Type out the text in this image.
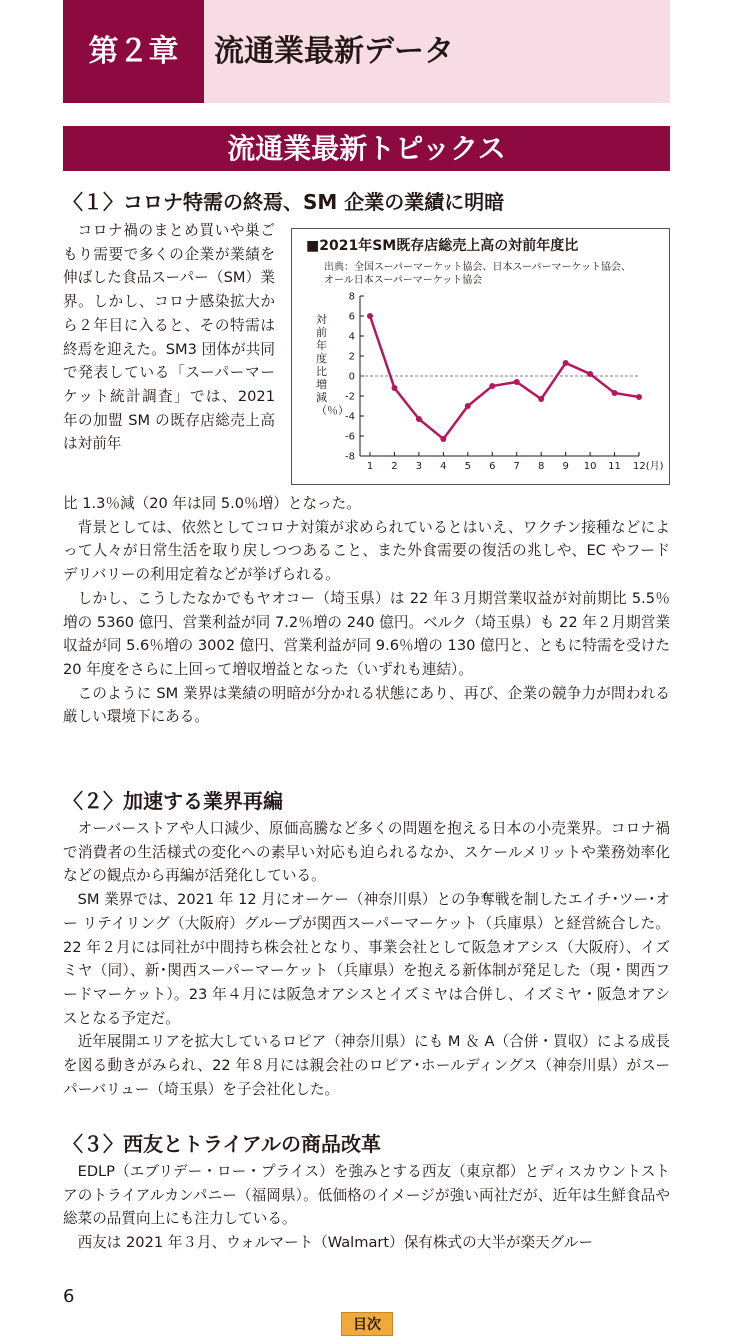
第２章	流通業最新データ
流通業最新トピックス
〈１〉コロナ特需の終焉、SM 企業の業績に明暗

コロナ禍のまとめ買いや巣ごもり需要で多くの企業が業績を伸ばした食品スーパー（SM）業界。しかし、コロナ感染拡大から２年目に入ると、その特需は終焉を迎えた。SM3 団体が共同で発表している「スーパーマーケット統計調査」では、2021 年の加盟 SM の既存店総売上高は対前年

比 1.3％減（20 年は同 5.0％増）となった。

背景としては、依然としてコロナ対策が求められているとはいえ、ワクチン接種などによって人々が日常生活を取り戻しつつあること、また外食需要の復活の兆しや、EC やフードデリバリーの利用定着などが挙げられる。

しかし、こうしたなかでもヤオコー（埼玉県）は 22 年３月期営業収益が対前期比 5.5％増の 5360 億円、営業利益が同 7.2％増の 240 億円。ベルク（埼玉県）も 22 年２月期営業収益が同 5.6％増の 3002 億円、営業利益が同 9.6％増の 130 億円と、ともに特需を受けた 20 年度をさらに上回って増収増益となった（いずれも連結）。

このように SM 業界は業績の明暗が分かれる状態にあり、再び、企業の競争力が問われる厳しい環境下にある。

■2021年SM既存店総売上高の対前年度比
出典：全国スーパーマーケット協会、日本スーパーマーケット協会、
オール日本スーパーマーケット協会
対前年度比増減（％）
8
6
4
2
0
-2
-4
-6
-8
1 2 3 4 5 6 7 8 9 10 11 12(月)
〈２〉加速する業界再編

オーバーストアや人口減少、原価高騰など多くの問題を抱える日本の小売業界。コロナ禍で消費者の生活様式の変化への素早い対応も迫られるなか、スケールメリットや業務効率化などの観点から再編が活発化している。

SM 業界では、2021 年 12 月にオーケー（神奈川県）との争奪戦を制したエイチ･ツー･オー リテイリング（大阪府）グループが関西スーパーマーケット（兵庫県）と経営統合した。22 年２月には同社が中間持ち株会社となり、事業会社として阪急オアシス（大阪府）、イズミヤ（同）、新･関西スーパーマーケット（兵庫県）を抱える新体制が発足した（現・関西フードマーケット）。23 年４月には阪急オアシスとイズミヤは合併し、イズミヤ・阪急オアシスとなる予定だ。

近年展開エリアを拡大しているロピア（神奈川県）にも M ＆ A（合併・買収）による成長を図る動きがみられ、22 年８月には親会社のロピア･ホールディングス（神奈川県）がスーパーバリュー（埼玉県）を子会社化した。

〈３〉西友とトライアルの商品改革

EDLP（エブリデー・ロー・プライス）を強みとする西友（東京都）とディスカウントストアのトライアルカンパニー（福岡県）。低価格のイメージが強い両社だが、近年は生鮮食品や総菜の品質向上にも注力している。

西友は 2021 年３月、ウォルマート（Walmart）保有株式の大半が楽天グルー

6
目次
